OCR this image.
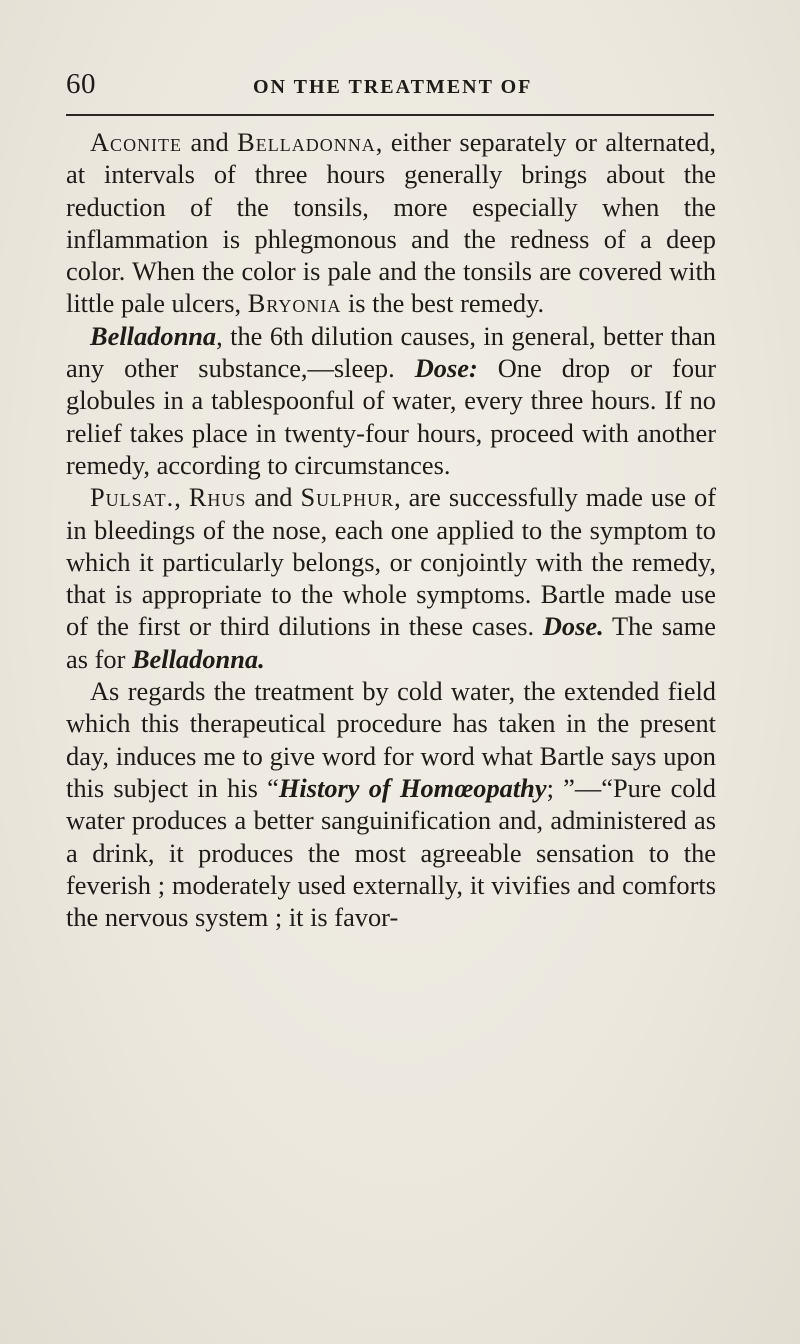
60	ON THE TREATMENT OF

Aconite and Belladonna, either separately or alternated, at intervals of three hours generally brings about the reduction of the tonsils, more especially when the inflammation is phlegmonous and the redness of a deep color. When the color is pale and the tonsils are covered with little pale ulcers, Bryonia is the best remedy.

Belladonna, the 6th dilution causes, in general, better than any other substance,—sleep. Dose: One drop or four globules in a tablespoonful of water, every three hours. If no relief takes place in twenty-four hours, proceed with another remedy, according to circumstances.

Pulsat., Rhus and Sulphur, are successfully made use of in bleedings of the nose, each one applied to the symptom to which it particularly belongs, or conjointly with the remedy, that is appropriate to the whole symptoms. Bartle made use of the first or third dilutions in these cases. Dose. The same as for Belladonna.

As regards the treatment by cold water, the extended field which this therapeutical procedure has taken in the present day, induces me to give word for word what Bartle says upon this subject in his “History of Homœopathy; ”—“Pure cold water produces a better sanguinification and, administered as a drink, it produces the most agreeable sensation to the feverish ; moderately used externally, it vivifies and comforts the nervous system ; it is favor-
